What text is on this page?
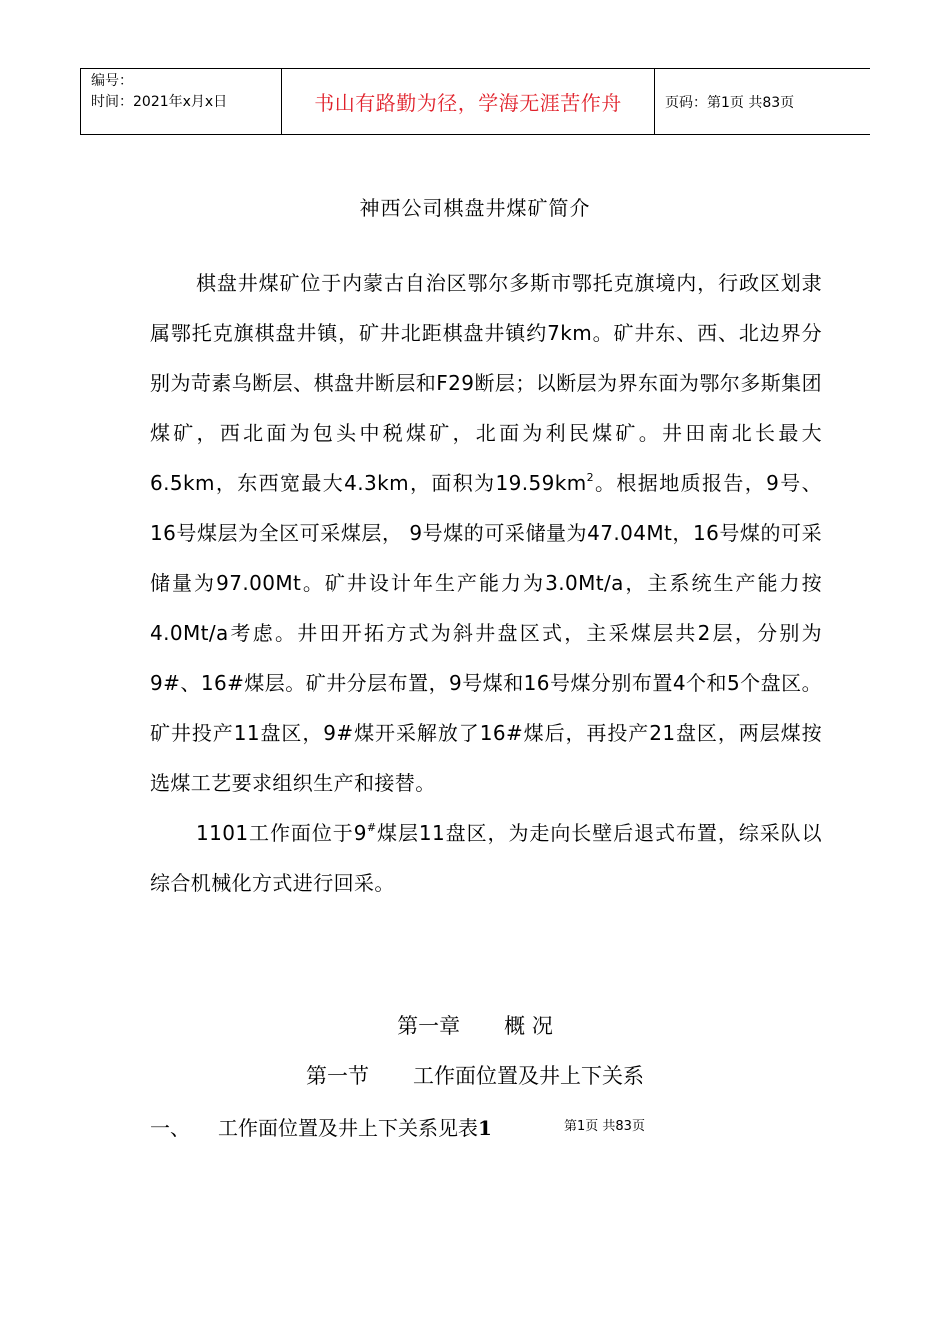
编号：
时间：2021年x月x日	书山有路勤为径，学海无涯苦作舟	页码：第1页 共83页
神西公司棋盘井煤矿简介

棋盘井煤矿位于内蒙古自治区鄂尔多斯市鄂托克旗境内，行政区划隶属鄂托克旗棋盘井镇，矿井北距棋盘井镇约7km。矿井东、西、北边界分别为苛素乌断层、棋盘井断层和F29断层；以断层为界东面为鄂尔多斯集团煤矿，西北面为包头中税煤矿，北面为利民煤矿。井田南北长最大6.5km，东西宽最大4.3km，面积为$19.59km^2$。根据地质报告，9号、16号煤层为全区可采煤层， 9号煤的可采储量为47.04Mt，16号煤的可采储量为97.00Mt。矿井设计年生产能力为3.0Mt/a，主系统生产能力按4.0Mt/a考虑。井田开拓方式为斜井盘区式，主采煤层共2层，分别为9#、16#煤层。矿井分层布置，9号煤和16号煤分别布置4个和5个盘区。矿井投产11盘区，9#煤开采解放了16#煤后，再投产21盘区，两层煤按选煤工艺要求组织生产和接替。

1101工作面位于9#煤层11盘区，为走向长壁后退式布置，综采队以综合机械化方式进行回采。

第一章 概 况
第一节 工作面位置及井上下关系
一、 工作面位置及井上下关系见表1	第1页 共83页
